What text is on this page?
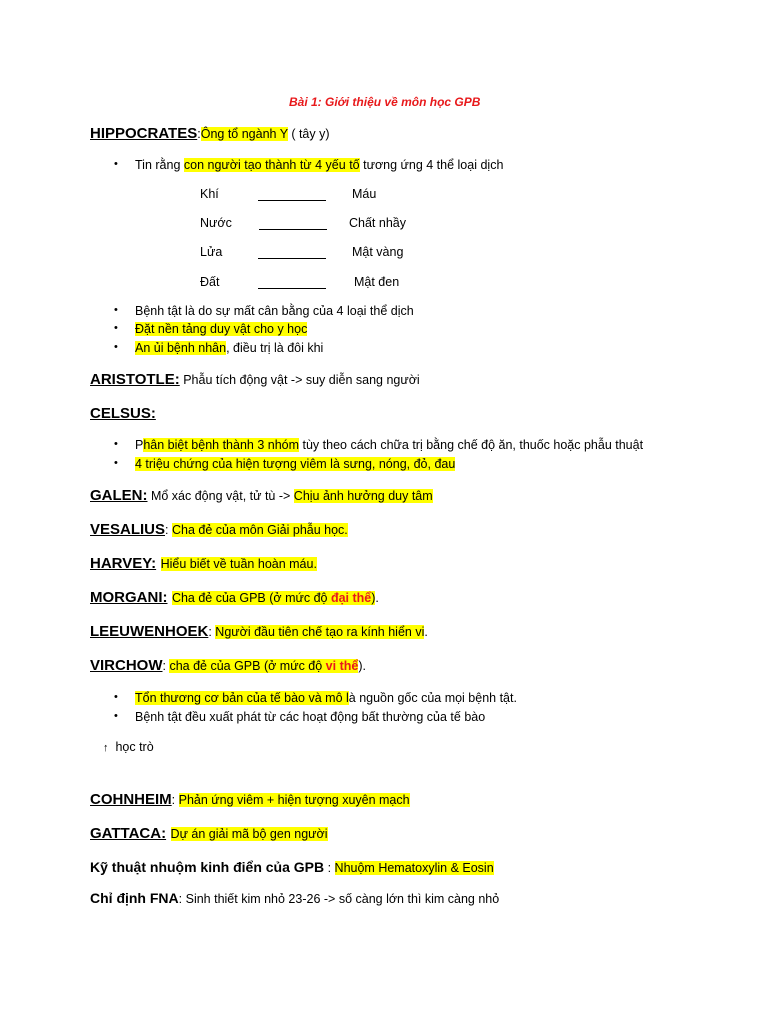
Bài 1: Giới thiệu về môn học GPB
HIPPOCRATES:Ông tổ ngành Y ( tây y)
• Tin rằng con người tạo thành từ 4 yếu tố tương ứng 4 thể loại dịch
Khí	Máu
Nước	Chất nhầy
Lửa	Mật vàng
Đất	Mật đen
• Bệnh tật là do sự mất cân bằng của 4 loại thể dịch
• Đặt nền tảng duy vật cho y học
• An ủi bệnh nhân, điều trị là đôi khi
ARISTOTLE: Phẫu tích động vật -> suy diễn sang người
CELSUS:
• Phân biệt bệnh thành 3 nhóm tùy theo cách chữa trị bằng chế độ ăn, thuốc hoặc phẫu thuật
• 4 triệu chứng của hiện tượng viêm là sưng, nóng, đỏ, đau
GALEN: Mổ xác động vật, tử tù -> Chịu ảnh hưởng duy tâm
VESALIUS: Cha đẻ của môn Giải phẫu học.
HARVEY: Hiểu biết về tuần hoàn máu.
MORGANI: Cha đẻ của GPB (ở mức độ đại thể).
LEEUWENHOEK: Người đầu tiên chế tạo ra kính hiển vi.
VIRCHOW: cha đẻ của GPB (ở mức độ vi thể).
• Tổn thương cơ bản của tế bào và mô là nguồn gốc của mọi bệnh tật.
• Bệnh tật đều xuất phát từ các hoạt động bất thường của tế bào
↑ học trò
COHNHEIM: Phản ứng viêm + hiện tượng xuyên mạch
GATTACA: Dự án giải mã bộ gen người
Kỹ thuật nhuộm kinh điển của GPB : Nhuộm Hematoxylin & Eosin
Chỉ định FNA: Sinh thiết kim nhỏ 23-26 -> số càng lớn thì kim càng nhỏ
